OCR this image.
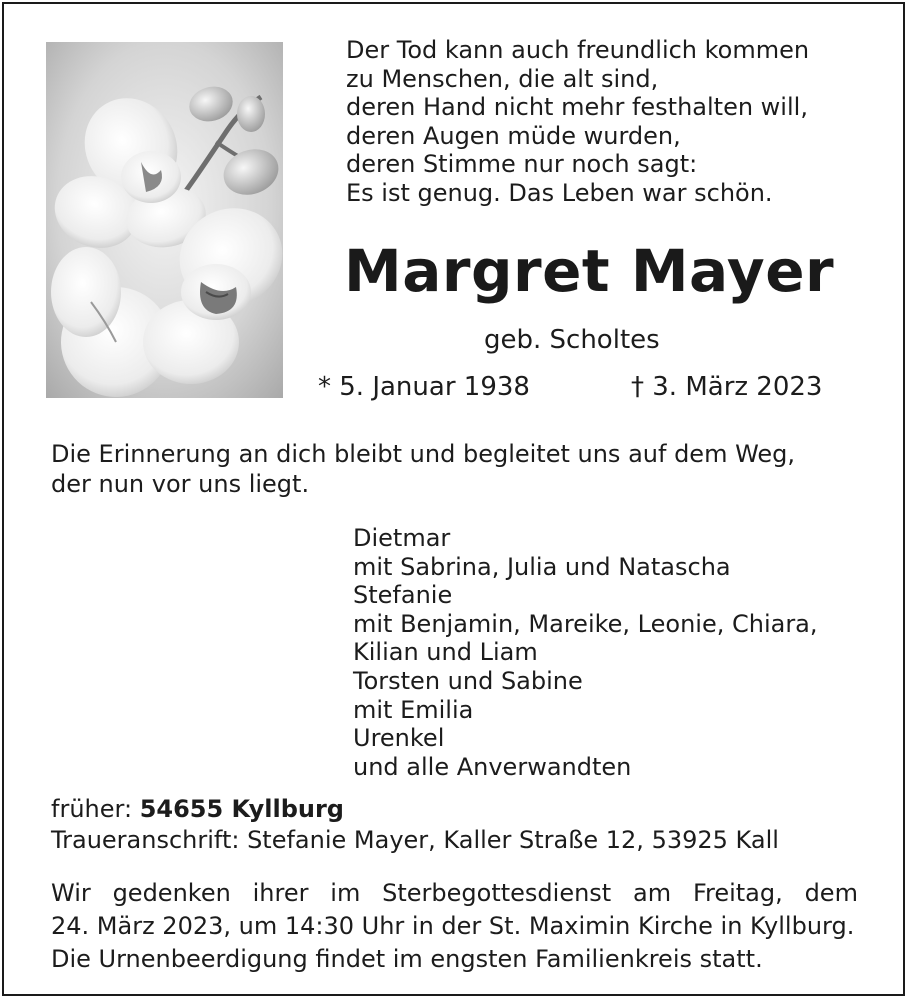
Der Tod kann auch freundlich kommen
zu Menschen, die alt sind,
deren Hand nicht mehr festhalten will,
deren Augen müde wurden,
deren Stimme nur noch sagt:
Es ist genug. Das Leben war schön.
Margret Mayer
geb. Scholtes
* 5. Januar 1938	† 3. März 2023
Die Erinnerung an dich bleibt und begleitet uns auf dem Weg,
der nun vor uns liegt.
Dietmar
mit Sabrina, Julia und Natascha
Stefanie
mit Benjamin, Mareike, Leonie, Chiara,
Kilian und Liam
Torsten und Sabine
mit Emilia
Urenkel
und alle Anverwandten
früher: 54655 Kyllburg
Traueranschrift: Stefanie Mayer, Kaller Straße 12, 53925 Kall
Wir gedenken ihrer im Sterbegottesdienst am Freitag, dem
24. März 2023, um 14:30 Uhr in der St. Maximin Kirche in Kyllburg.
Die Urnenbeerdigung findet im engsten Familienkreis statt.
